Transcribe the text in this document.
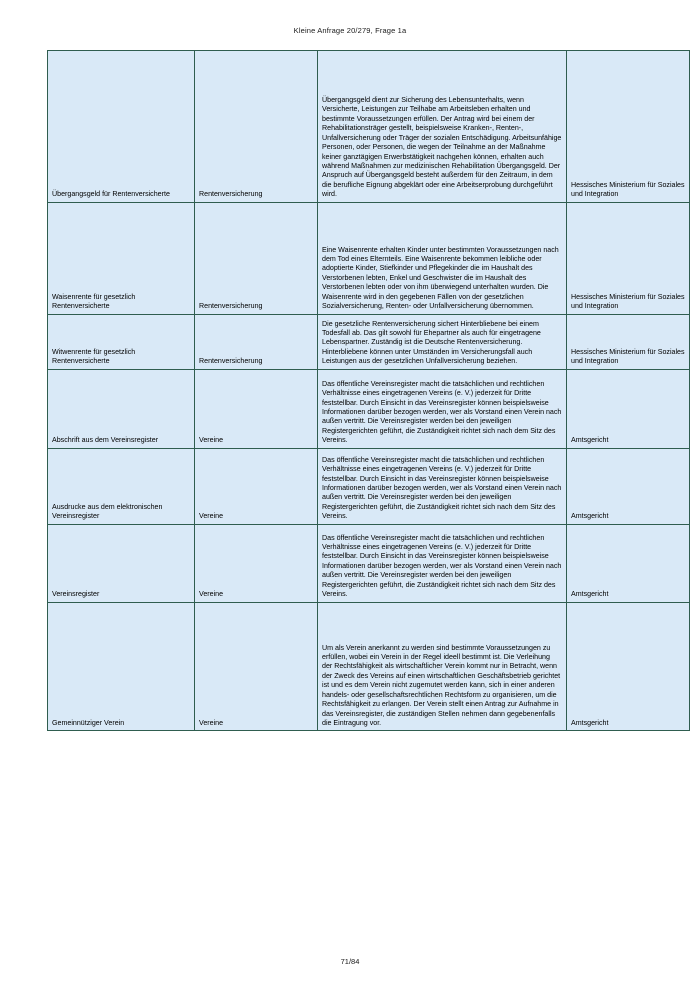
Kleine Anfrage 20/279, Frage 1a
Übergangsgeld für Rentenversicherte	Rentenversicherung	Übergangsgeld dient zur Sicherung des Lebensunterhalts, wenn Versicherte, Leistungen zur Teilhabe am Arbeitsleben erhalten und bestimmte Voraussetzungen erfüllen. Der Antrag wird bei einem der Rehabilitationsträger gestellt, beispielsweise Kranken-, Renten-, Unfallversicherung oder Träger der sozialen Entschädigung. Arbeitsunfähige Personen, oder Personen, die wegen der Teilnahme an der Maßnahme keiner ganztägigen Erwerbstätigkeit nachgehen können, erhalten auch während Maßnahmen zur medizinischen Rehabilitation Übergangsgeld. Der Anspruch auf Übergangsgeld besteht außerdem für den Zeitraum, in dem die berufliche Eignung abgeklärt oder eine Arbeitserprobung durchgeführt wird.	Hessisches Ministerium für Soziales und Integration

Waisenrente für gesetzlich Rentenversicherte	Rentenversicherung	Eine Waisenrente erhalten Kinder unter bestimmten Voraussetzungen nach dem Tod eines Elternteils. Eine Waisenrente bekommen leibliche oder adoptierte Kinder, Stiefkinder und Pflegekinder die im Haushalt des Verstorbenen lebten, Enkel und Geschwister die im Haushalt des Verstorbenen lebten oder von ihm überwiegend unterhalten wurden. Die Waisenrente wird in den gegebenen Fällen von der gesetzlichen Sozialversicherung, Renten- oder Unfallversicherung übernommen.	Hessisches Ministerium für Soziales und Integration

Witwenrente für gesetzlich Rentenversicherte	Rentenversicherung	Die gesetzliche Rentenversicherung sichert Hinterbliebene bei einem Todesfall ab. Das gilt sowohl für Ehepartner als auch für eingetragene Lebenspartner. Zuständig ist die Deutsche Rentenversicherung. Hinterbliebene können unter Umständen im Versicherungsfall auch Leistungen aus der gesetzlichen Unfallversicherung beziehen.	Hessisches Ministerium für Soziales und Integration

Abschrift aus dem Vereinsregister	Vereine	Das öffentliche Vereinsregister macht die tatsächlichen und rechtlichen Verhältnisse eines eingetragenen Vereins (e. V.) jederzeit für Dritte feststellbar. Durch Einsicht in das Vereinsregister können beispielsweise Informationen darüber bezogen werden, wer als Vorstand einen Verein nach außen vertritt. Die Vereinsregister werden bei den jeweiligen Registergerichten geführt, die Zuständigkeit richtet sich nach dem Sitz des Vereins.	Amtsgericht

Ausdrucke aus dem elektronischen Vereinsregister	Vereine	Das öffentliche Vereinsregister macht die tatsächlichen und rechtlichen Verhältnisse eines eingetragenen Vereins (e. V.) jederzeit für Dritte feststellbar. Durch Einsicht in das Vereinsregister können beispielsweise Informationen darüber bezogen werden, wer als Vorstand einen Verein nach außen vertritt. Die Vereinsregister werden bei den jeweiligen Registergerichten geführt, die Zuständigkeit richtet sich nach dem Sitz des Vereins.	Amtsgericht

Vereinsregister	Vereine	Das öffentliche Vereinsregister macht die tatsächlichen und rechtlichen Verhältnisse eines eingetragenen Vereins (e. V.) jederzeit für Dritte feststellbar. Durch Einsicht in das Vereinsregister können beispielsweise Informationen darüber bezogen werden, wer als Vorstand einen Verein nach außen vertritt. Die Vereinsregister werden bei den jeweiligen Registergerichten geführt, die Zuständigkeit richtet sich nach dem Sitz des Vereins.	Amtsgericht

Gemeinnütziger Verein	Vereine	Um als Verein anerkannt zu werden sind bestimmte Voraussetzungen zu erfüllen, wobei ein Verein in der Regel ideell bestimmt ist. Die Verleihung der Rechtsfähigkeit als wirtschaftlicher Verein kommt nur in Betracht, wenn der Zweck des Vereins auf einen wirtschaftlichen Geschäftsbetrieb gerichtet ist und es dem Verein nicht zugemutet werden kann, sich in einer anderen handels- oder gesellschaftsrechtlichen Rechtsform zu organisieren, um die Rechtsfähigkeit zu erlangen. Der Verein stellt einen Antrag zur Aufnahme in das Vereinsregister, die zuständigen Stellen nehmen dann gegebenenfalls die Eintragung vor.	Amtsgericht
71/84
